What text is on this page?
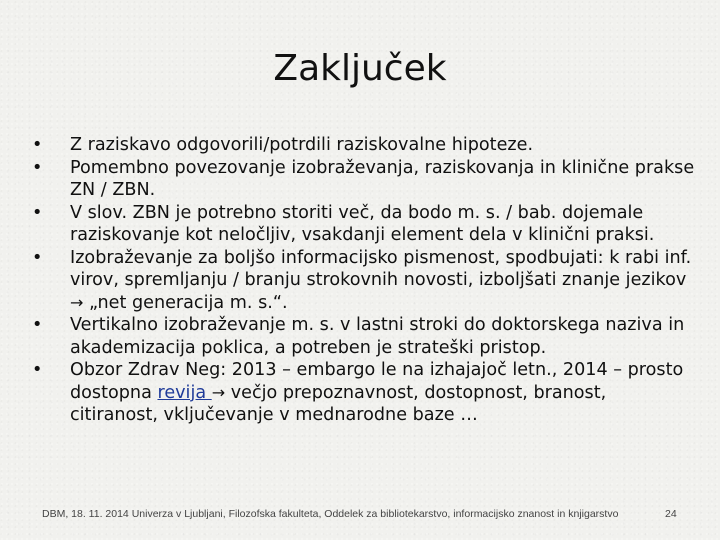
Zaključek
• Z raziskavo odgovorili/potrdili raziskovalne hipoteze.
• Pomembno povezovanje izobraževanja, raziskovanja in klinične prakse ZN / ZBN.
• V slov. ZBN je potrebno storiti več, da bodo m. s. / bab. dojemale raziskovanje kot neločljiv, vsakdanji element dela v klinični praksi.
• Izobraževanje za boljšo informacijsko pismenost, spodbujati: k rabi inf. virov, spremljanju / branju strokovnih novosti, izboljšati znanje jezikov → „net generacija m. s.“.
• Vertikalno izobraževanje m. s. v lastni stroki do doktorskega naziva in akademizacija poklica, a potreben je strateški pristop.
• Obzor Zdrav Neg: 2013 – embargo le na izhajajoč letn., 2014 – prosto dostopna revija → večjo prepoznavnost, dostopnost, branost, citiranost, vključevanje v mednarodne baze …
DBM, 18. 11. 2014 Univerza v Ljubljani, Filozofska fakulteta, Oddelek za bibliotekarstvo, informacijsko znanost in knjigarstvo	24
